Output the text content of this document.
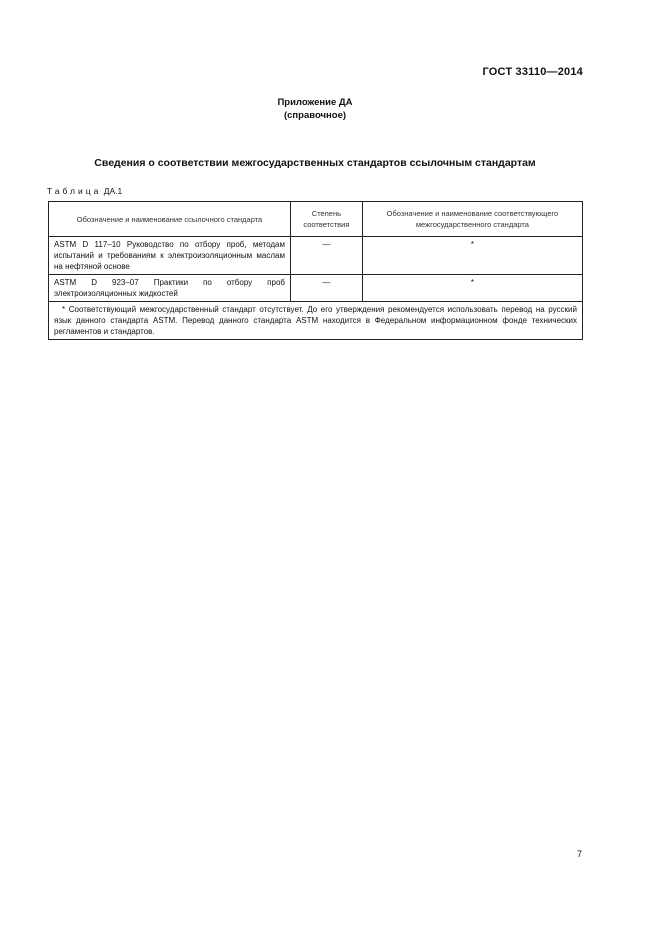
ГОСТ 33110—2014
Приложение ДА
(справочное)
Сведения о соответствии межгосударственных стандартов ссылочным стандартам
Таблица ДА.1
Обозначение и наименование ссылочного стандарта	Степень соответствия	Обозначение и наименование соответствующего межгосударственного стандарта
ASTM D 117–10 Руководство по отбору проб, методам испытаний и требованиям к электроизоляционным маслам на нефтяной основе	—	*
ASTM D 923–07 Практики по отбору проб электроизоляционных жидкостей	—	*

* Соответствующий межгосударственный стандарт отсутствует. До его утверждения рекомендуется использовать перевод на русский язык данного стандарта ASTM. Перевод данного стандарта ASTM находится в Федеральном информационном фонде технических регламентов и стандартов.		
7
